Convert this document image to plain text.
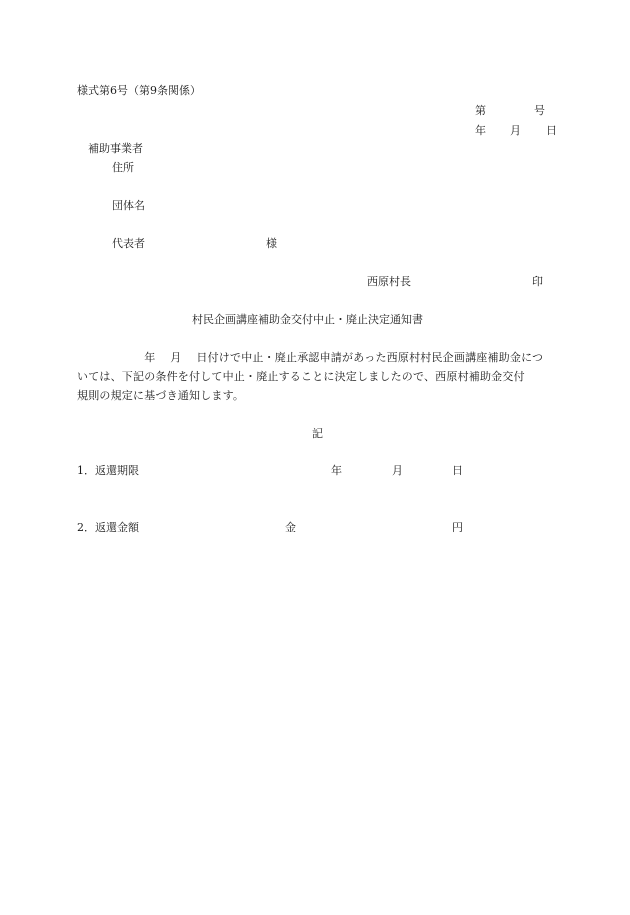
様式第6号（第9条関係）
第	号
年 月 日
補助事業者
住所
団体名
代表者	様
西原村長	印
村民企画講座補助金交付中止・廃止決定通知書
　　　　　　年　 月　 日付けで中止・廃止承認申請があった西原村村民企画講座補助金につ
いては、下記の条件を付して中止・廃止することに決定しましたので、西原村補助金交付
規則の規定に基づき通知します。
記
1．返還期限	年	月	日
2．返還金額	金	円
